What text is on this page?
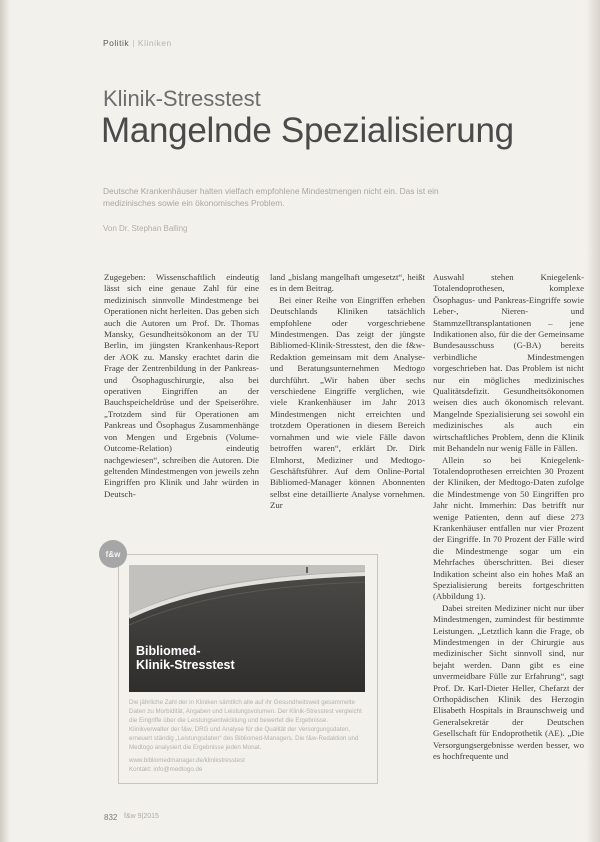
Politik | Kliniken
Klinik-Stresstest
Mangelnde Spezialisierung

Deutsche Krankenhäuser halten vielfach empfohlene Mindestmengen nicht ein. Das ist ein medizinisches sowie ein ökonomisches Problem.

Von Dr. Stephan Balling

Zugegeben: Wissenschaftlich eindeutig lässt sich eine genaue Zahl für eine medizinisch sinnvolle Mindestmenge bei Operationen nicht herleiten. Das geben sich auch die Autoren um Prof. Dr. Thomas Mansky, Gesundheitsökonom an der TU Berlin, im jüngsten Krankenhaus-Report der AOK zu. Mansky erachtet darin die Frage der Zentrenbildung in der Pankreas- und Ösophaguschirurgie, also bei operativen Eingriffen an der Bauchspeicheldrüse und der Speiseröhre. „Trotzdem sind für Operationen am Pankreas und Ösophagus Zusammenhänge von Mengen und Ergebnis (Volume-Outcome-Relation) eindeutig nachgewiesen“, schreiben die Autoren. Die geltenden Mindestmengen von jeweils zehn Eingriffen pro Klinik und Jahr würden in Deutsch-

land „bislang mangelhaft umgesetzt“, heißt es in dem Beitrag.

Bei einer Reihe von Eingriffen erheben Deutschlands Kliniken tatsächlich empfohlene oder vorgeschriebene Mindestmengen. Das zeigt der jüngste Bibliomed-Klinik-Stresstest, den die f&w-Redaktion gemeinsam mit dem Analyse- und Beratungsunternehmen Medtogo durchführt. „Wir haben über sechs verschiedene Eingriffe verglichen, wie viele Krankenhäuser im Jahr 2013 Mindestmengen nicht erreichten und trotzdem Operationen in diesem Bereich vornahmen und wie viele Fälle davon betroffen waren“, erklärt Dr. Dirk Elmhorst, Mediziner und Medtogo-Geschäftsführer. Auf dem Online-Portal Bibliomed-Manager können Abonnenten selbst eine detaillierte Analyse vornehmen. Zur

Auswahl stehen Kniegelenk-Totalendoprothesen, komplexe Ösophagus- und Pankreas-Eingriffe sowie Leber-, Nieren- und Stammzelltransplantationen – jene Indikationen also, für die der Gemeinsame Bundesausschuss (G-BA) bereits verbindliche Mindestmengen vorgeschrieben hat. Das Problem ist nicht nur ein mögliches medizinisches Qualitätsdefizit. Gesundheitsökonomen weisen dies auch ökonomisch relevant. Mangelnde Spezialisierung sei sowohl ein medizinisches als auch ein wirtschaftliches Problem, denn die Klinik mit Behandeln nur wenig Fälle in Fällen.

Allein so bei Kniegelenk-Totalendoprothesen erreichten 30 Prozent der Kliniken, der Medtogo-Daten zufolge die Mindestmenge von 50 Eingriffen pro Jahr nicht. Immerhin: Das betrifft nur wenige Patienten, denn auf diese 273 Krankenhäuser entfallen nur vier Prozent der Eingriffe. In 70 Prozent der Fälle wird die Mindestmenge sogar um ein Mehrfaches überschritten. Bei dieser Indikation scheint also ein hohes Maß an Spezialisierung bereits fortgeschritten (Abbildung 1).

Dabei streiten Mediziner nicht nur über Mindestmengen, zumindest für bestimmte Leistungen. „Letztlich kann die Frage, ob Mindestmengen in der Chirurgie aus medizinischer Sicht sinnvoll sind, nur bejaht werden. Dann gibt es eine unvermeidbare Fülle zur Erfahrung“, sagt Prof. Dr. Karl-Dieter Heller, Chefarzt der Orthopädischen Klinik des Herzogin Elisabeth Hospitals in Braunschweig und Generalsekretär der Deutschen Gesellschaft für Endoprothetik (AE). „Die Versorgungsergebnisse werden besser, wo es hochfrequente und

f&w
Bibliomed-
Klinik-Stresstest

Die jährliche Zahl der in Kliniken sämtlich alle auf ihr Gesundheitsweit gesammelte Daten zu Morbidität, Angaben und Leistungsvolumen. Der Klinik-Stresstest vergleicht die Eingriffe über die Leistungsentwicklung und bewertet die Ergebnisse. Klinikverwalter der f&w, DRG und Analyse für die Qualität der Versorgungsdaten, erneuert ständig „Leistungsdaten“ des Bibliomed-Managers. Die f&w-Redaktion und Medtogo analysiert die Ergebnisse jeden Monat.

www.bibliomedmanager.de/klinikstresstest
Kontakt: info@medtogo.de
832 f&w 9|2015
